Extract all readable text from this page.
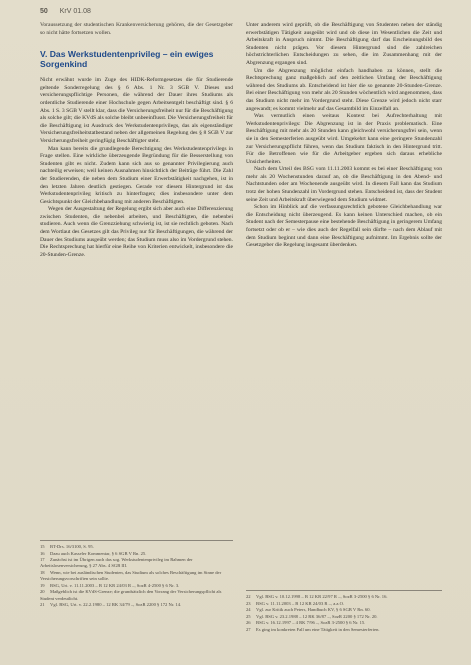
50 KrV 01.08

Voraussetzung der studentischen Krankenversicherung gehören, die der Gesetzgeber so nicht hätte fortsetzen wollen.

V. Das Werkstudentenprivileg – ein ewiges
Sorgenkind

Nicht erwähnt wurde im Zuge des HIDK-Reformgesetzes die für Studierende geltende Sonderregelung des § 6 Abs. 1 Nr. 3 SGB V. Dieses und versicherungspflichtige Personen, die während der Dauer ihres Studiums als ordentliche Studierende einer Hochschule gegen Arbeitsentgelt beschäftigt sind. § 6 Abs. 1 S. 3 SGB V stellt klar, dass die Versicherungsfreiheit nur für die Beschäftigung als solche gilt; die KVdS als solche bleibt unbeeinflusst. Die Versicherungsfreiheit für die Beschäftigung ist Ausdruck des Werkstudentenprivilegs, das als eigenständiger Versicherungsfreiheitstatbestand neben der allgemeinen Regelung des § 8 SGB V zur Versicherungsfreiheit geringfügig Beschäftigter steht.

Man kann bereits die grundlegende Berechtigung des Werkstudentenprivilegs in Frage stellen. Eine wirkliche überzeugende Begründung für die Besserstellung von Studenten gibt es nicht. Zudem kann sich aus so genannter Privilegierung auch nachteilig erweisen; weil keinen Ausnahmen hinsichtlich der Beiträge führt. Die Zahl der Studierenden, die neben dem Studium einer Erwerbstätigkeit nachgehen, ist in den letzten Jahren deutlich gestiegen. Gerade vor diesem Hintergrund ist das Werkstudentenprivileg kritisch zu hinterfragen; dies insbesondere unter dem Gesichtspunkt der Gleichbehandlung mit anderen Beschäftigten.

Wegen der Ausgestaltung der Regelung ergibt sich aber auch eine Differenzierung zwischen Studenten, die nebenbei arbeiten, und Beschäftigten, die nebenbei studieren. Auch wenn die Grenzziehung schwierig ist, ist sie rechtlich geboten. Nach dem Wortlaut des Gesetzes gilt das Privileg nur für Beschäftigungen, die während der Dauer des Studiums ausgeübt werden; das Studium muss also im Vordergrund stehen. Die Rechtsprechung hat hierfür eine Reihe von Kriterien entwickelt, insbesondere die 20-Stunden-Grenze.

Unter anderem wird geprüft, ob die Beschäftigung von Studenten neben der ständig erwerbstätigen Tätigkeit ausgeübt wird und ob diese im Wesentlichen die Zeit und Arbeitskraft in Anspruch nimmt. Die Beschäftigung darf das Erscheinungsbild des Studenten nicht prägen. Vor diesem Hintergrund sind die zahlreichen höchstrichterlichen Entscheidungen zu sehen, die im Zusammenhang mit der Abgrenzung ergangen sind.

Um die Abgrenzung möglichst einfach handhaben zu können, stellt die Rechtsprechung ganz maßgeblich auf den zeitlichen Umfang der Beschäftigung während des Studiums ab. Entscheidend ist hier die so genannte 20-Stunden-Grenze. Bei einer Beschäftigung von mehr als 20 Stunden wöchentlich wird angenommen, dass das Studium nicht mehr im Vordergrund steht. Diese Grenze wird jedoch nicht starr angewandt; es kommt vielmehr auf das Gesamtbild im Einzelfall an.

Was vermutlich einen weitaus Kontext bei Aufrechterhaltung mit Werkstudentenprivilegs: Die Abgrenzung ist in der Praxis problematisch. Eine Beschäftigung mit mehr als 20 Stunden kann gleichwohl versicherungsfrei sein, wenn sie in den Semesterferien ausgeübt wird. Umgekehrt kann eine geringere Stundenzahl zur Versicherungspflicht führen, wenn das Studium faktisch in den Hintergrund tritt. Für die Betroffenen wie für die Arbeitgeber ergeben sich daraus erhebliche Unsicherheiten.

Nach dem Urteil des BSG vom 11.11.2003 kommt es bei einer Beschäftigung von mehr als 20 Wochenstunden darauf an, ob die Beschäftigung in den Abend- und Nachtstunden oder am Wochenende ausgeübt wird. In diesem Fall kann das Studium trotz der hohen Stundenzahl im Vordergrund stehen. Entscheidend ist, dass der Student seine Zeit und Arbeitskraft überwiegend dem Studium widmet.

Schon im Hinblick auf die verfassungsrechtlich gebotene Gleichbehandlung war die Entscheidung nicht überzeugend. Es kann keinen Unterschied machen, ob ein Student nach der Semesterpause eine bestehende Beschäftigung in geringerem Umfang fortsetzt oder ob er – wie dies auch der Regelfall sein dürfte – nach dem Ablauf mit dem Studium beginnt und dann eine Beschäftigung aufnimmt. Im Ergebnis sollte der Gesetzgeber die Regelung insgesamt überdenken.

15 BT-Drs. 16/3100, S. 95.
16 Dazu auch Kasseler Kommentar, § 6 SGB V Rn. 25.
17 Zunächst ist im Übrigen auch das sog. Werkstudentenprivileg im Rahmen der Arbeitslosenversicherung, § 27 Abs. 4 SGB III.
18 Wenn, wie bei ausländischen Studenten, das Studium als solches Beschäftigung im Sinne der Versicherungsvorschriften sein sollte.
19 BSG, Urt. v. 11.11.2003 – B 12 KR 24/03 R –, SozR 4-2500 § 6 Nr. 3.
20 Maßgeblich ist die KVdS-Grenze; die grundsätzlich den Vorrang der Versicherungspflicht als Student verdeutlicht.
21 Vgl. BSG, Urt. v. 22.2.1980 – 12 RK 34/79 –, SozR 2200 § 172 Nr. 14.
22 Vgl. BSG v. 10.12.1998 – B 12 KR 22/97 R –, SozR 3-2500 § 6 Nr. 16.
23 BSG v. 11.11.2003 – B 12 KR 24/03 R –, a.a.O.
24 Vgl. zur Kritik auch Peters, Handbuch KV, § 6 SGB V Rn. 60.
25 Vgl. BSG v. 23.2.1988 – 12 RK 36/87 –, SozR 2200 § 172 Nr. 20.
26 BSG v. 16.12.1997 – 4 RK 7/96 –, SozR 3-2500 § 6 Nr. 15.
27 Es ging im konkreten Fall um eine Tätigkeit in den Semesterferien.
